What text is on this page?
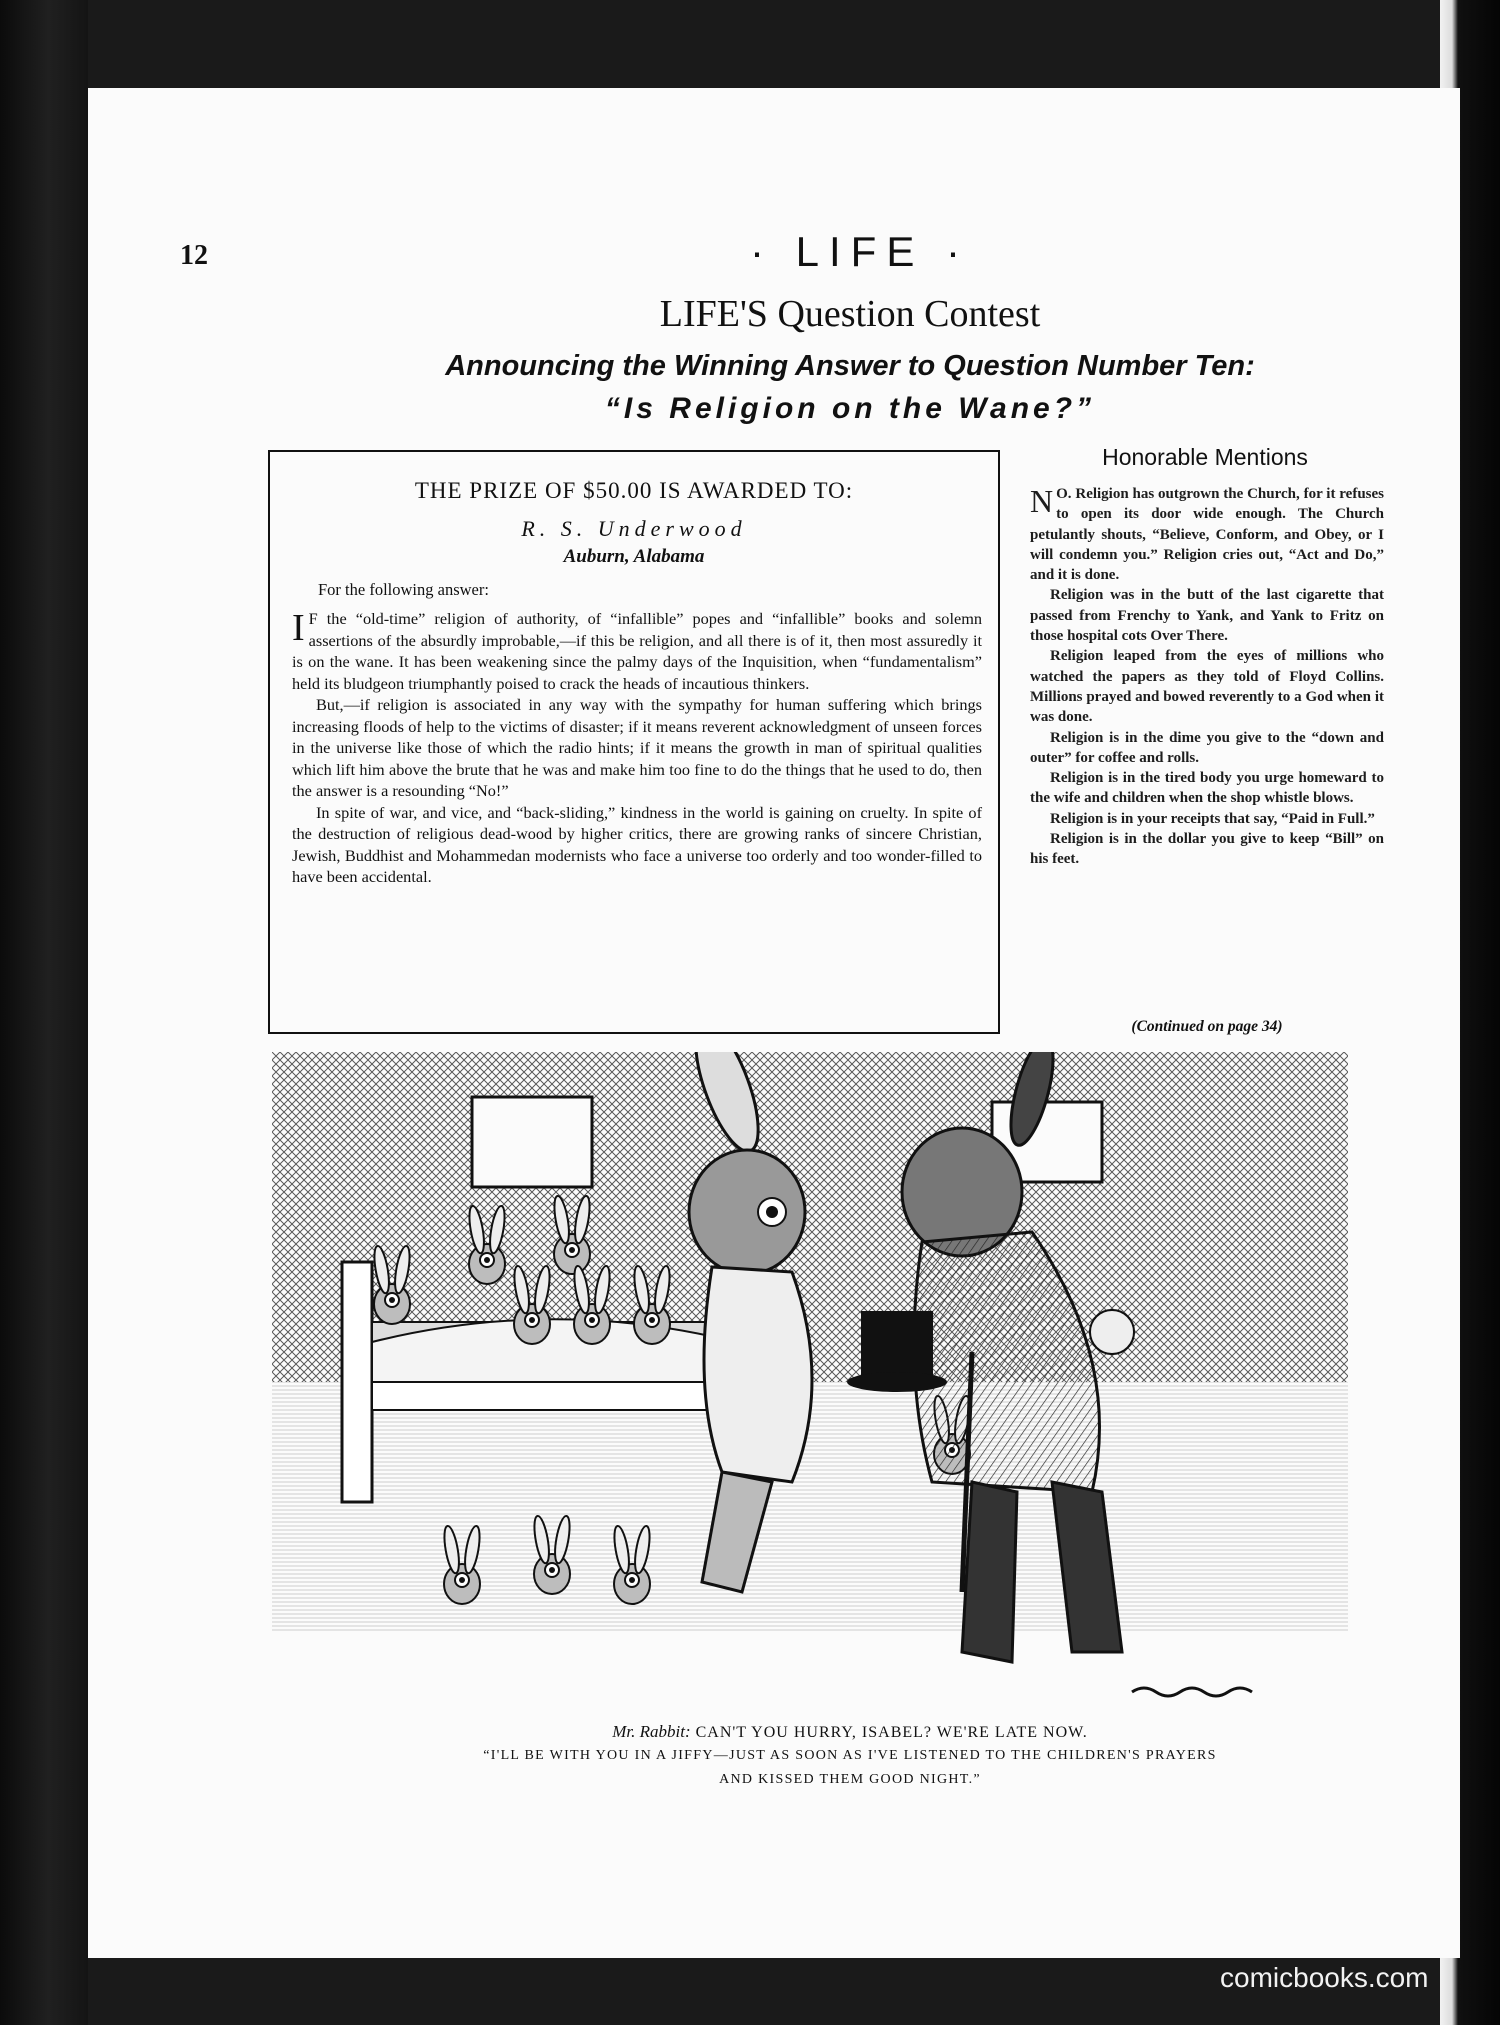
12	· LIFE ·
LIFE'S Question Contest
Announcing the Winning Answer to Question Number Ten:
“Is Religion on the Wane?”
THE PRIZE OF $50.00 IS AWARDED TO:
R. S. Underwood
Auburn, Alabama
For the following answer:

I F the “old-time” religion of authority, of “infallible” popes and “infallible” books and solemn assertions of the absurdly improbable,—if this be religion, and all there is of it, then most assuredly it is on the wane. It has been weakening since the palmy days of the Inquisition, when “fundamentalism” held its bludgeon triumphantly poised to crack the heads of incautious thinkers.

But,—if religion is associated in any way with the sympathy for human suffering which brings increasing floods of help to the victims of disaster; if it means reverent acknowledgment of unseen forces in the universe like those of which the radio hints; if it means the growth in man of spiritual qualities which lift him above the brute that he was and make him too fine to do the things that he used to do, then the answer is a resounding “No!”

In spite of war, and vice, and “back-sliding,” kindness in the world is gaining on cruelty. In spite of the destruction of religious dead-wood by higher critics, there are growing ranks of sincere Christian, Jewish, Buddhist and Mohammedan modernists who face a universe too orderly and too wonder-filled to have been accidental.

Honorable Mentions

N O. Religion has outgrown the Church, for it refuses to open its door wide enough. The Church petulantly shouts, “Believe, Conform, and Obey, or I will condemn you.” Religion cries out, “Act and Do,” and it is done.

Religion was in the butt of the last cigarette that passed from Frenchy to Yank, and Yank to Fritz on those hospital cots Over There.

Religion leaped from the eyes of millions who watched the papers as they told of Floyd Collins. Millions prayed and bowed reverently to a God when it was done.

Religion is in the dime you give to the “down and outer” for coffee and rolls.

Religion is in the tired body you urge homeward to the wife and children when the shop whistle blows.

Religion is in your receipts that say, “Paid in Full.”

Religion is in the dollar you give to keep “Bill” on his feet.

(Continued on page 34)
Mr. Rabbit: CAN'T YOU HURRY, ISABEL? WE'RE LATE NOW.
“I'LL BE WITH YOU IN A JIFFY—JUST AS SOON AS I'VE LISTENED TO THE CHILDREN'S PRAYERS
AND KISSED THEM GOOD NIGHT.”
comicbooks.com
